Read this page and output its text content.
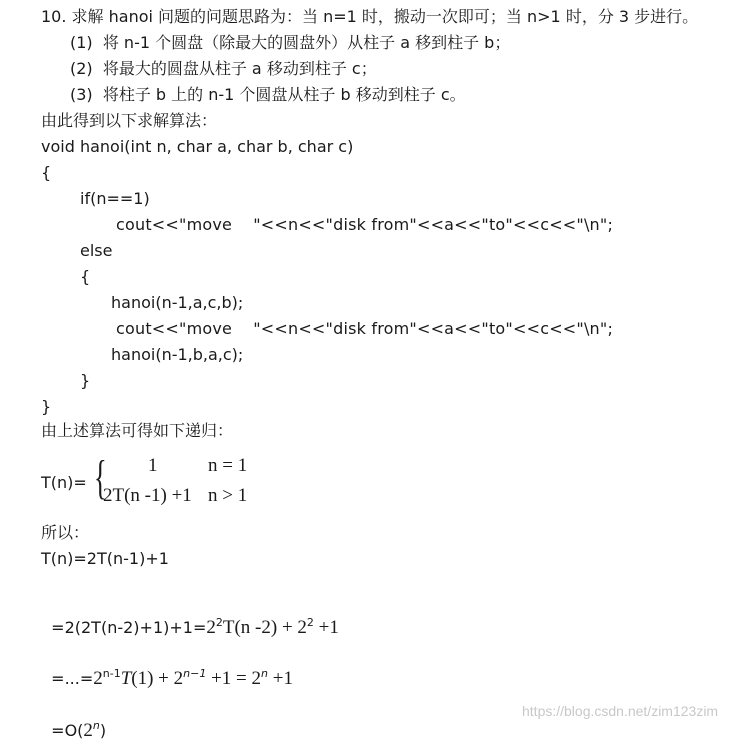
10. 求解 hanoi 问题的问题思路为：当 n=1 时，搬动一次即可；当 n>1 时，分 3 步进行。
(1)  将 n-1 个圆盘（除最大的圆盘外）从柱子 a 移到柱子 b；
(2)  将最大的圆盘从柱子 a 移动到柱子 c；
(3)  将柱子 b 上的 n-1 个圆盘从柱子 b 移动到柱子 c。
由此得到以下求解算法：
void hanoi(int n, char a, char b, char c)
{
if(n==1)
cout<<"move    "<<n<<"disk from"<<a<<"to"<<c<<"\n";
else
{
hanoi(n-1,a,c,b);
cout<<"move    "<<n<<"disk from"<<a<<"to"<<c<<"\n";
hanoi(n-1,b,a,c);
}
}
由上述算法可得如下递归：
T(n)= { 1	n = 1
2T(n -1) +1 n > 1
所以：
T(n)=2T(n-1)+1

$=2(2T(n-2)+1)+1=2^2T(n$ $-2) + 2^2 +1$

$=...=2^{n-1}T(1) + 2^{n-1} +1 = 2^n +1$

$=O(2^n)$

https://blog.csdn.net/zim123zim
